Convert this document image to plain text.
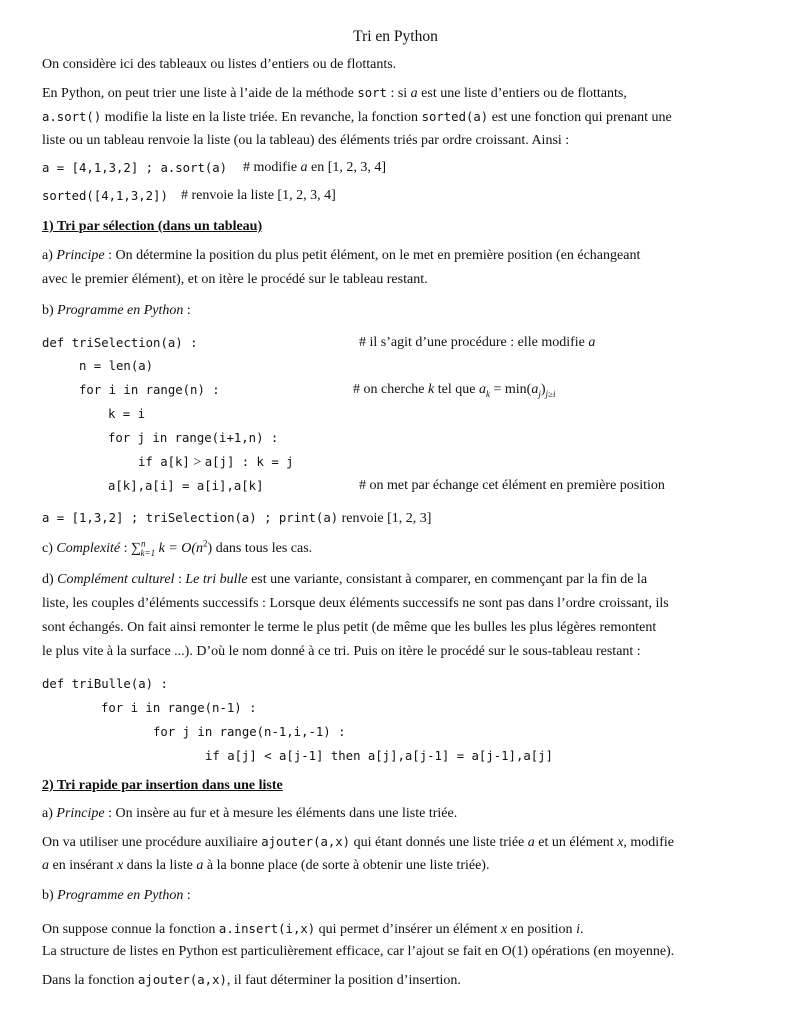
Tri en Python
On considère ici des tableaux ou listes d’entiers ou de flottants.
En Python, on peut trier une liste à l’aide de la méthode sort : si a est une liste d’entiers ou de flottants,
a.sort() modifie la liste en la liste triée. En revanche, la fonction sorted(a) est une fonction qui prenant une
liste ou un tableau renvoie la liste (ou la tableau) des éléments triés par ordre croissant. Ainsi :
a = [4,1,3,2] ; a.sort(a) # modifie a en [1, 2, 3, 4]
sorted([4,1,3,2]) # renvoie la liste [1, 2, 3, 4]
1) Tri par sélection (dans un tableau)
a) Principe : On détermine la position du plus petit élément, on le met en première position (en échangeant
avec le premier élément), et on itère le procédé sur le tableau restant.
b) Programme en Python :
def triSelection(a) :	# il s’agit d’une procédure : elle modifie a
n = len(a)
for i in range(n) :	# on cherche k tel que $a_k = \min(a_j)_{j\ge i}$
k = i
for j in range(i+1,n) :
if a[k] > a[j] : k = j
a[k],a[i] = a[i],a[k]	# on met par échange cet élément en première position
a = [1,3,2] ; triSelection(a) ; print(a) renvoie [1, 2, 3]
c) Complexité : ∑$^n_{k=1}$ $k = O(n^2)$ dans tous les cas.
d) Complément culturel : Le tri bulle est une variante, consistant à comparer, en commençant par la fin de la
liste, les couples d’éléments successifs : Lorsque deux éléments successifs ne sont pas dans l’ordre croissant, ils
sont échangés. On fait ainsi remonter le terme le plus petit (de même que les bulles les plus légères remontent
le plus vite à la surface ...). D’où le nom donné à ce tri. Puis on itère le procédé sur le sous-tableau restant :
def triBulle(a) :
for i in range(n-1) :
for j in range(n-1,i,-1) :
if a[j] < a[j-1] then a[j],a[j-1] = a[j-1],a[j]
2) Tri rapide par insertion dans une liste
a) Principe : On insère au fur et à mesure les éléments dans une liste triée.
On va utiliser une procédure auxiliaire ajouter(a,x) qui étant donnés une liste triée a et un élément x, modifie
a en insérant x dans la liste a à la bonne place (de sorte à obtenir une liste triée).
b) Programme en Python :
On suppose connue la fonction a.insert(i,x) qui permet d’insérer un élément x en position i.
La structure de listes en Python est particulièrement efficace, car l’ajout se fait en O(1) opérations (en moyenne).
Dans la fonction ajouter(a,x), il faut déterminer la position d’insertion.
